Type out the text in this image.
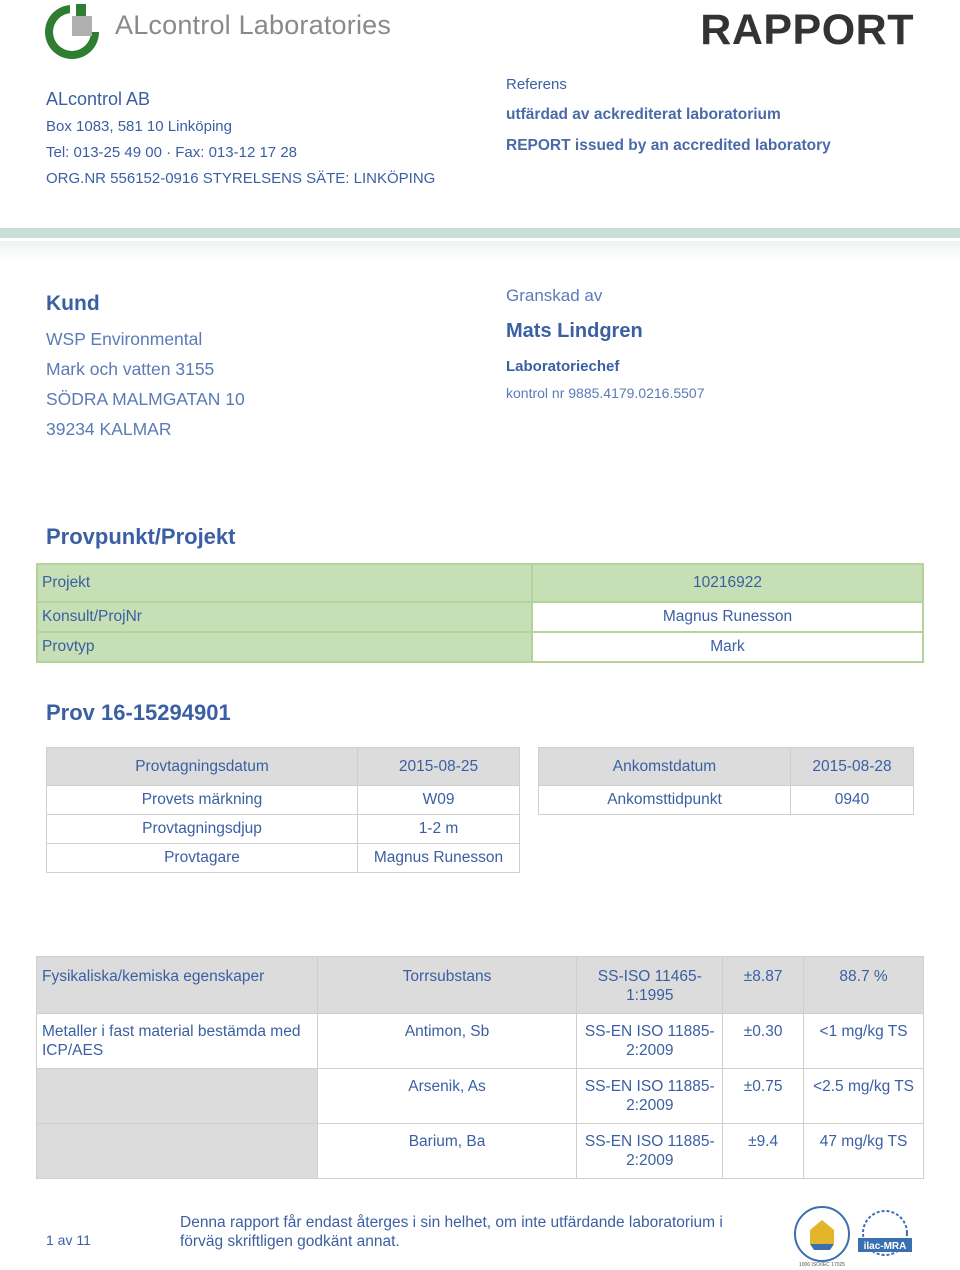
ALcontrol Laboratories	RAPPORT
ALcontrol AB
Box 1083, 581 10 Linköping
Tel: 013-25 49 00 · Fax: 013-12 17 28
ORG.NR 556152-0916 STYRELSENS SÄTE: LINKÖPING
Referens
utfärdad av ackrediterat laboratorium
REPORT issued by an accredited laboratory
Kund
WSP Environmental
Mark och vatten 3155
SÖDRA MALMGATAN 10
39234 KALMAR
Granskad av
Mats Lindgren
Laboratoriechef
kontrol nr 9885.4179.0216.5507
Provpunkt/Projekt
Projekt	10216922
Konsult/ProjNr	Magnus Runesson
Provtyp	Mark
Prov 16-15294901
Provtagningsdatum	2015-08-25
Provets märkning	W09
Provtagningsdjup	1-2 m
Provtagare	Magnus Runesson
Ankomstdatum	2015-08-28
Ankomsttidpunkt	0940
Fysikaliska/kemiska egenskaper	Torrsubstans	SS-ISO 11465-1:1995	±8.87	88.7 %
Metaller i fast material bestämda med ICP/AES	Antimon, Sb	SS-EN ISO 11885-2:2009	±0.30	<1 mg/kg TS
	Arsenik, As	SS-EN ISO 11885-2:2009	±0.75	<2.5 mg/kg TS
	Barium, Ba	SS-EN ISO 11885-2:2009	±9.4	47 mg/kg TS
1 av 11
Denna rapport får endast återges i sin helhet, om inte utfärdande laboratorium i förväg skriftligen godkänt annat.
1006 ISO/IEC 17025
ilac-MRA
